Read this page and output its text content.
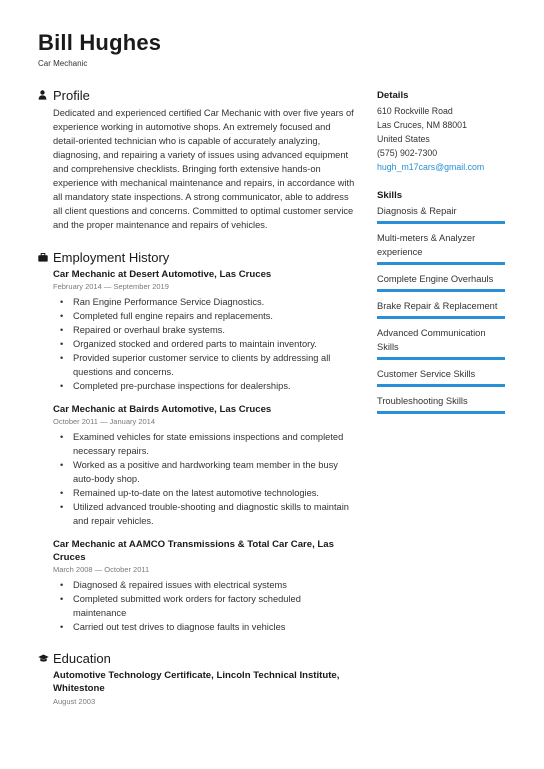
Bill Hughes
Car Mechanic
Profile
Dedicated and experienced certified Car Mechanic with over five years of experience working in automotive shops. An extremely focused and detail-oriented technician who is capable of accurately analyzing, diagnosing, and repairing a variety of issues using advanced equipment and comprehensive checklists. Bringing forth extensive hands-on experience with mechanical maintenance and repairs, in accordance with all mandatory state inspections. A strong communicator, able to address all client questions and concerns. Committed to optimal customer service and the proper maintenance and repairs of vehicles.
Employment History
Car Mechanic at Desert Automotive, Las Cruces
February 2014 — September 2019
• Ran Engine Performance Service Diagnostics.
• Completed full engine repairs and replacements.
• Repaired or overhaul brake systems.
• Organized stocked and ordered parts to maintain inventory.
• Provided superior customer service to clients by addressing all questions and concerns.
• Completed pre-purchase inspections for dealerships.
Car Mechanic at Bairds Automotive, Las Cruces
October 2011 — January 2014
• Examined vehicles for state emissions inspections and completed necessary repairs.
• Worked as a positive and hardworking team member in the busy auto-body shop.
• Remained up-to-date on the latest automotive technologies.
• Utilized advanced trouble-shooting and diagnostic skills to maintain and repair vehicles.
Car Mechanic at AAMCO Transmissions & Total Car Care, Las Cruces
March 2008 — October 2011
• Diagnosed & repaired issues with electrical systems
• Completed submitted work orders for factory scheduled maintenance
• Carried out test drives to diagnose faults in vehicles
Education
Automotive Technology Certificate, Lincoln Technical Institute, Whitestone
August 2003
Details
610 Rockville Road
Las Cruces, NM 88001
United States
(575) 902-7300
hugh_m17cars@gmail.com
Skills
Diagnosis & Repair
Multi-meters & Analyzer experience
Complete Engine Overhauls
Brake Repair & Replacement
Advanced Communication Skills
Customer Service Skills
Troubleshooting Skills
